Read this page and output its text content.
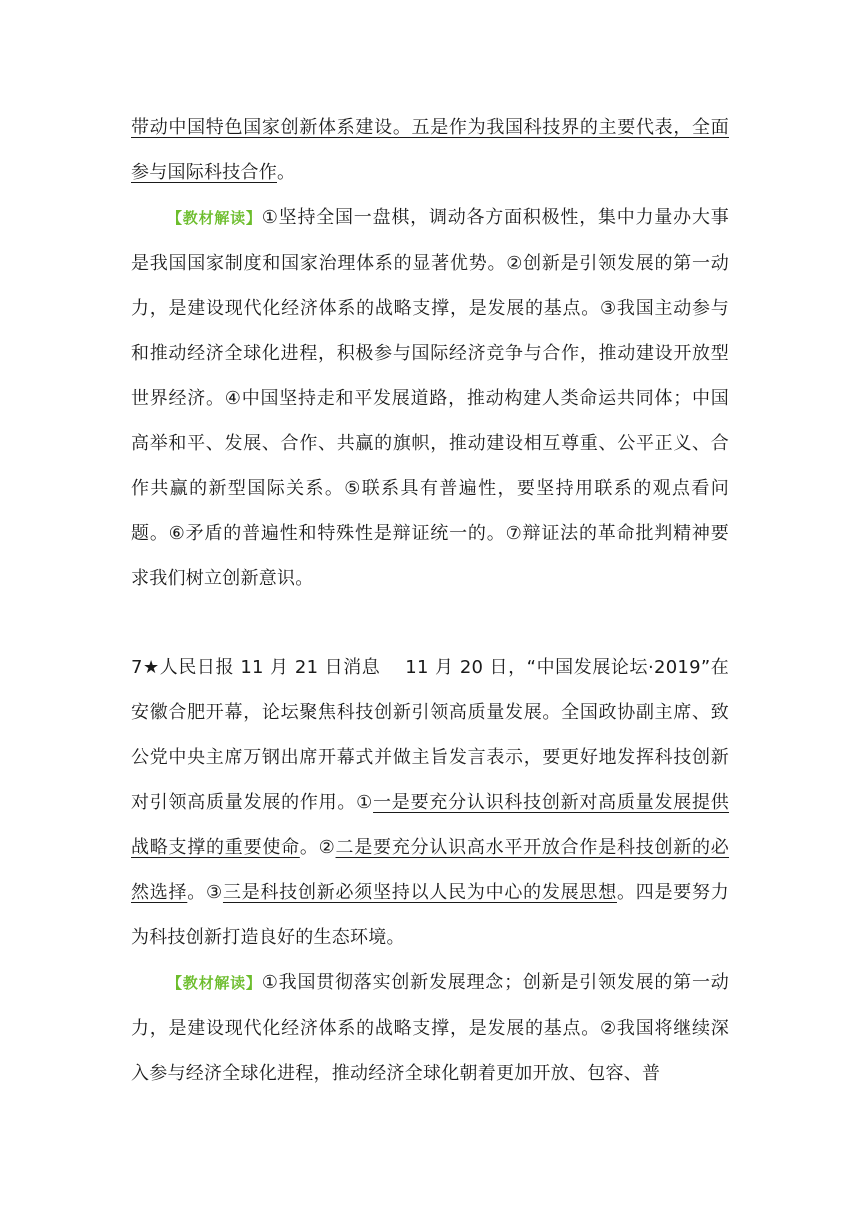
带动中国特色国家创新体系建设。五是作为我国科技界的主要代表，全面参与国际科技合作。

【教材解读】①坚持全国一盘棋，调动各方面积极性，集中力量办大事是我国国家制度和国家治理体系的显著优势。②创新是引领发展的第一动力，是建设现代化经济体系的战略支撑，是发展的基点。③我国主动参与和推动经济全球化进程，积极参与国际经济竞争与合作，推动建设开放型世界经济。④中国坚持走和平发展道路，推动构建人类命运共同体；中国高举和平、发展、合作、共赢的旗帜，推动建设相互尊重、公平正义、合作共赢的新型国际关系。⑤联系具有普遍性，要坚持用联系的观点看问题。⑥矛盾的普遍性和特殊性是辩证统一的。⑦辩证法的革命批判精神要求我们树立创新意识。

7★人民日报 11 月 21 日消息　 11 月 20 日，“中国发展论坛·2019”在安徽合肥开幕，论坛聚焦科技创新引领高质量发展。全国政协副主席、致公党中央主席万钢出席开幕式并做主旨发言表示，要更好地发挥科技创新对引领高质量发展的作用。①一是要充分认识科技创新对高质量发展提供战略支撑的重要使命。②二是要充分认识高水平开放合作是科技创新的必然选择。③三是科技创新必须坚持以人民为中心的发展思想。四是要努力为科技创新打造良好的生态环境。

【教材解读】①我国贯彻落实创新发展理念；创新是引领发展的第一动力，是建设现代化经济体系的战略支撑，是发展的基点。②我国将继续深入参与经济全球化进程，推动经济全球化朝着更加开放、包容、普
